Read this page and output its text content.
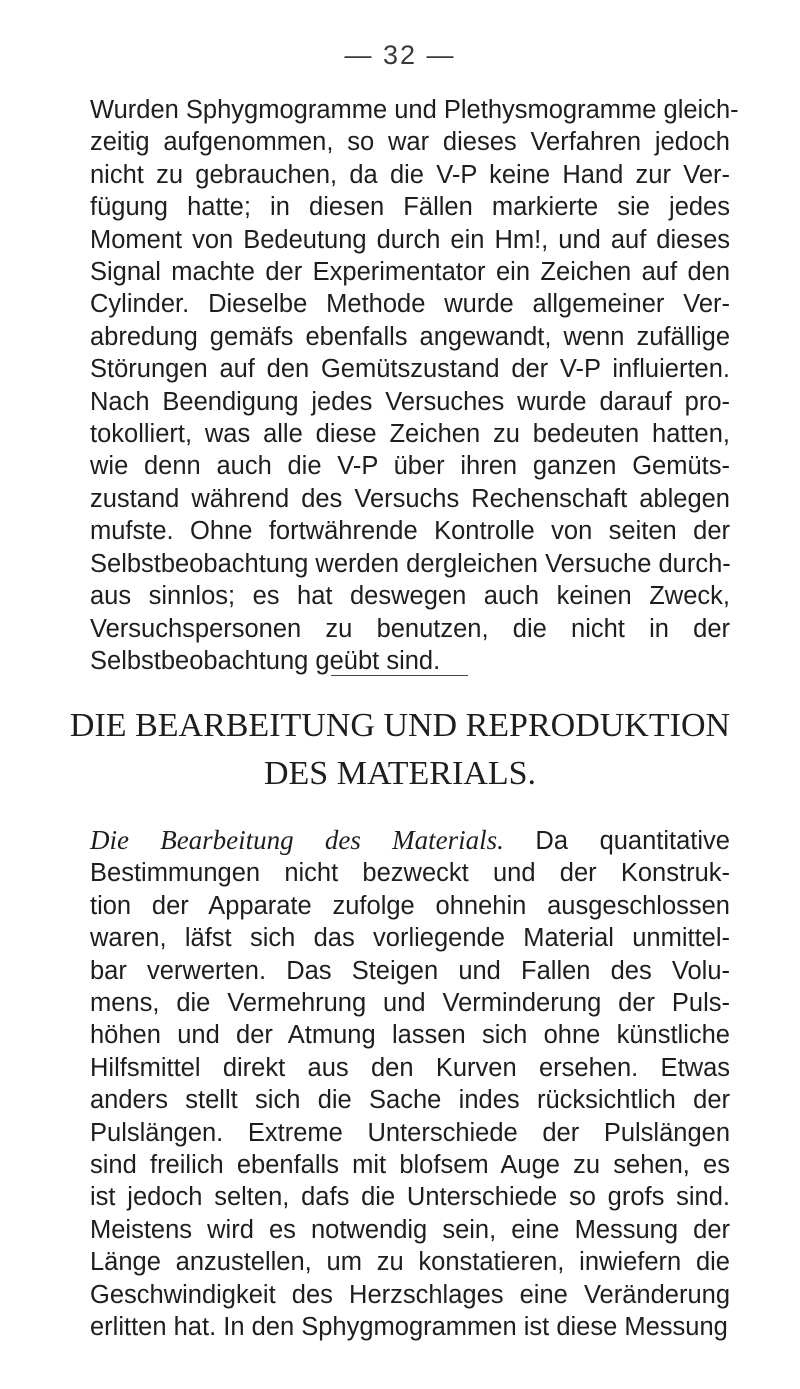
— 32 —

Wurden Sphygmogramme und Plethysmogramme gleich-

zeitig aufgenommen, so war dieses Verfahren jedoch

nicht zu gebrauchen, da die V-P keine Hand zur Ver-

fügung hatte; in diesen Fällen markierte sie jedes

Moment von Bedeutung durch ein Hm!, und auf dieses

Signal machte der Experimentator ein Zeichen auf den

Cylinder. Dieselbe Methode wurde allgemeiner Ver-

abredung gemäfs ebenfalls angewandt, wenn zufällige

Störungen auf den Gemütszustand der V-P influierten.

Nach Beendigung jedes Versuches wurde darauf pro-

tokolliert, was alle diese Zeichen zu bedeuten hatten,

wie denn auch die V-P über ihren ganzen Gemüts-

zustand während des Versuchs Rechenschaft ablegen

mufste. Ohne fortwährende Kontrolle von seiten der

Selbstbeobachtung werden dergleichen Versuche durch-

aus sinnlos; es hat deswegen auch keinen Zweck,

Versuchspersonen zu benutzen, die nicht in der

Selbstbeobachtung geübt sind.

DIE BEARBEITUNG UND REPRODUKTION
DES MATERIALS.

Die Bearbeitung des Materials. Da quantitative

Bestimmungen nicht bezweckt und der Konstruk-

tion der Apparate zufolge ohnehin ausgeschlossen

waren, läfst sich das vorliegende Material unmittel-

bar verwerten. Das Steigen und Fallen des Volu-

mens, die Vermehrung und Verminderung der Puls-

höhen und der Atmung lassen sich ohne künstliche

Hilfsmittel direkt aus den Kurven ersehen. Etwas

anders stellt sich die Sache indes rücksichtlich der

Pulslängen. Extreme Unterschiede der Pulslängen

sind freilich ebenfalls mit blofsem Auge zu sehen, es

ist jedoch selten, dafs die Unterschiede so grofs sind.

Meistens wird es notwendig sein, eine Messung der

Länge anzustellen, um zu konstatieren, inwiefern die

Geschwindigkeit des Herzschlages eine Veränderung

erlitten hat. In den Sphygmogrammen ist diese Messung
